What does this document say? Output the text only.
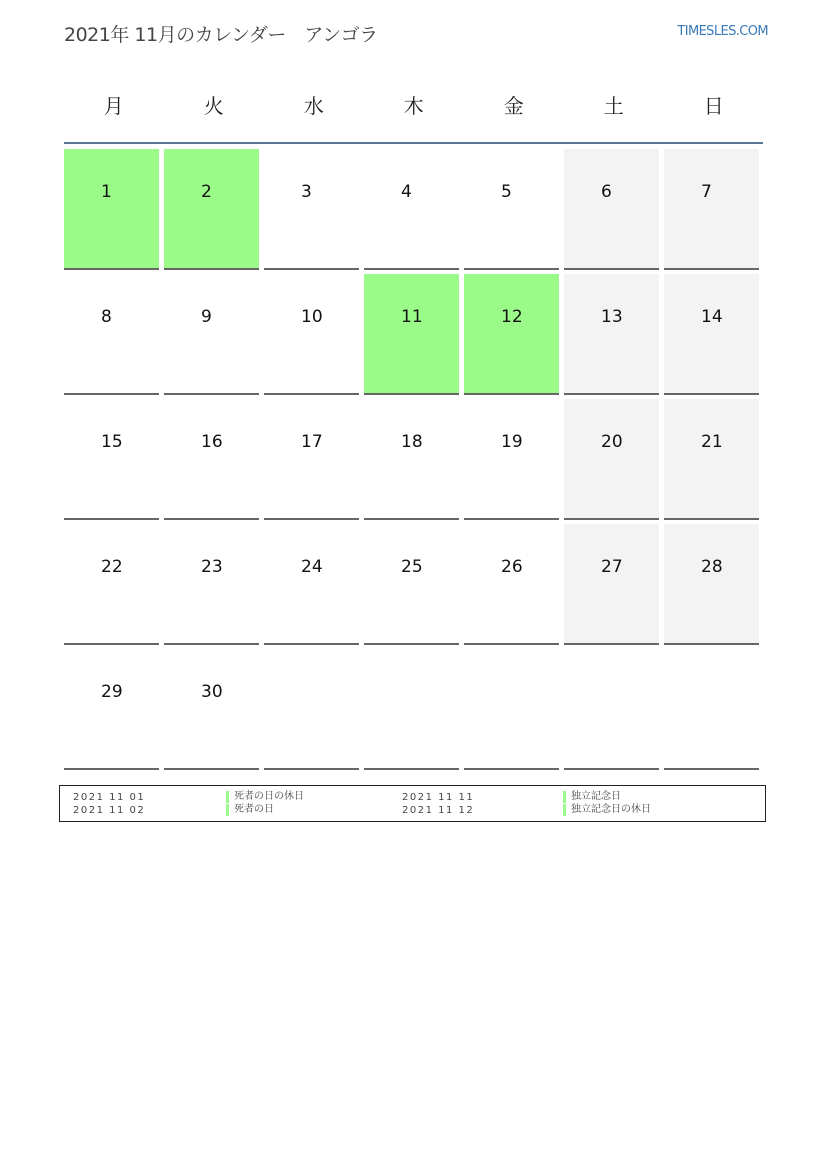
2021年 11月のカレンダー　アンゴラ	TIMESLES.COM
月	火	水	木	金	土	日
1	2	3	4	5	6	7
8	9	10	11	12	13	14
15	16	17	18	19	20	21
22	23	24	25	26	27	28
29	30
2021 11 01	死者の日の休日
2021 11 02	死者の日
2021 11 11	独立記念日
2021 11 12	独立記念日の休日
